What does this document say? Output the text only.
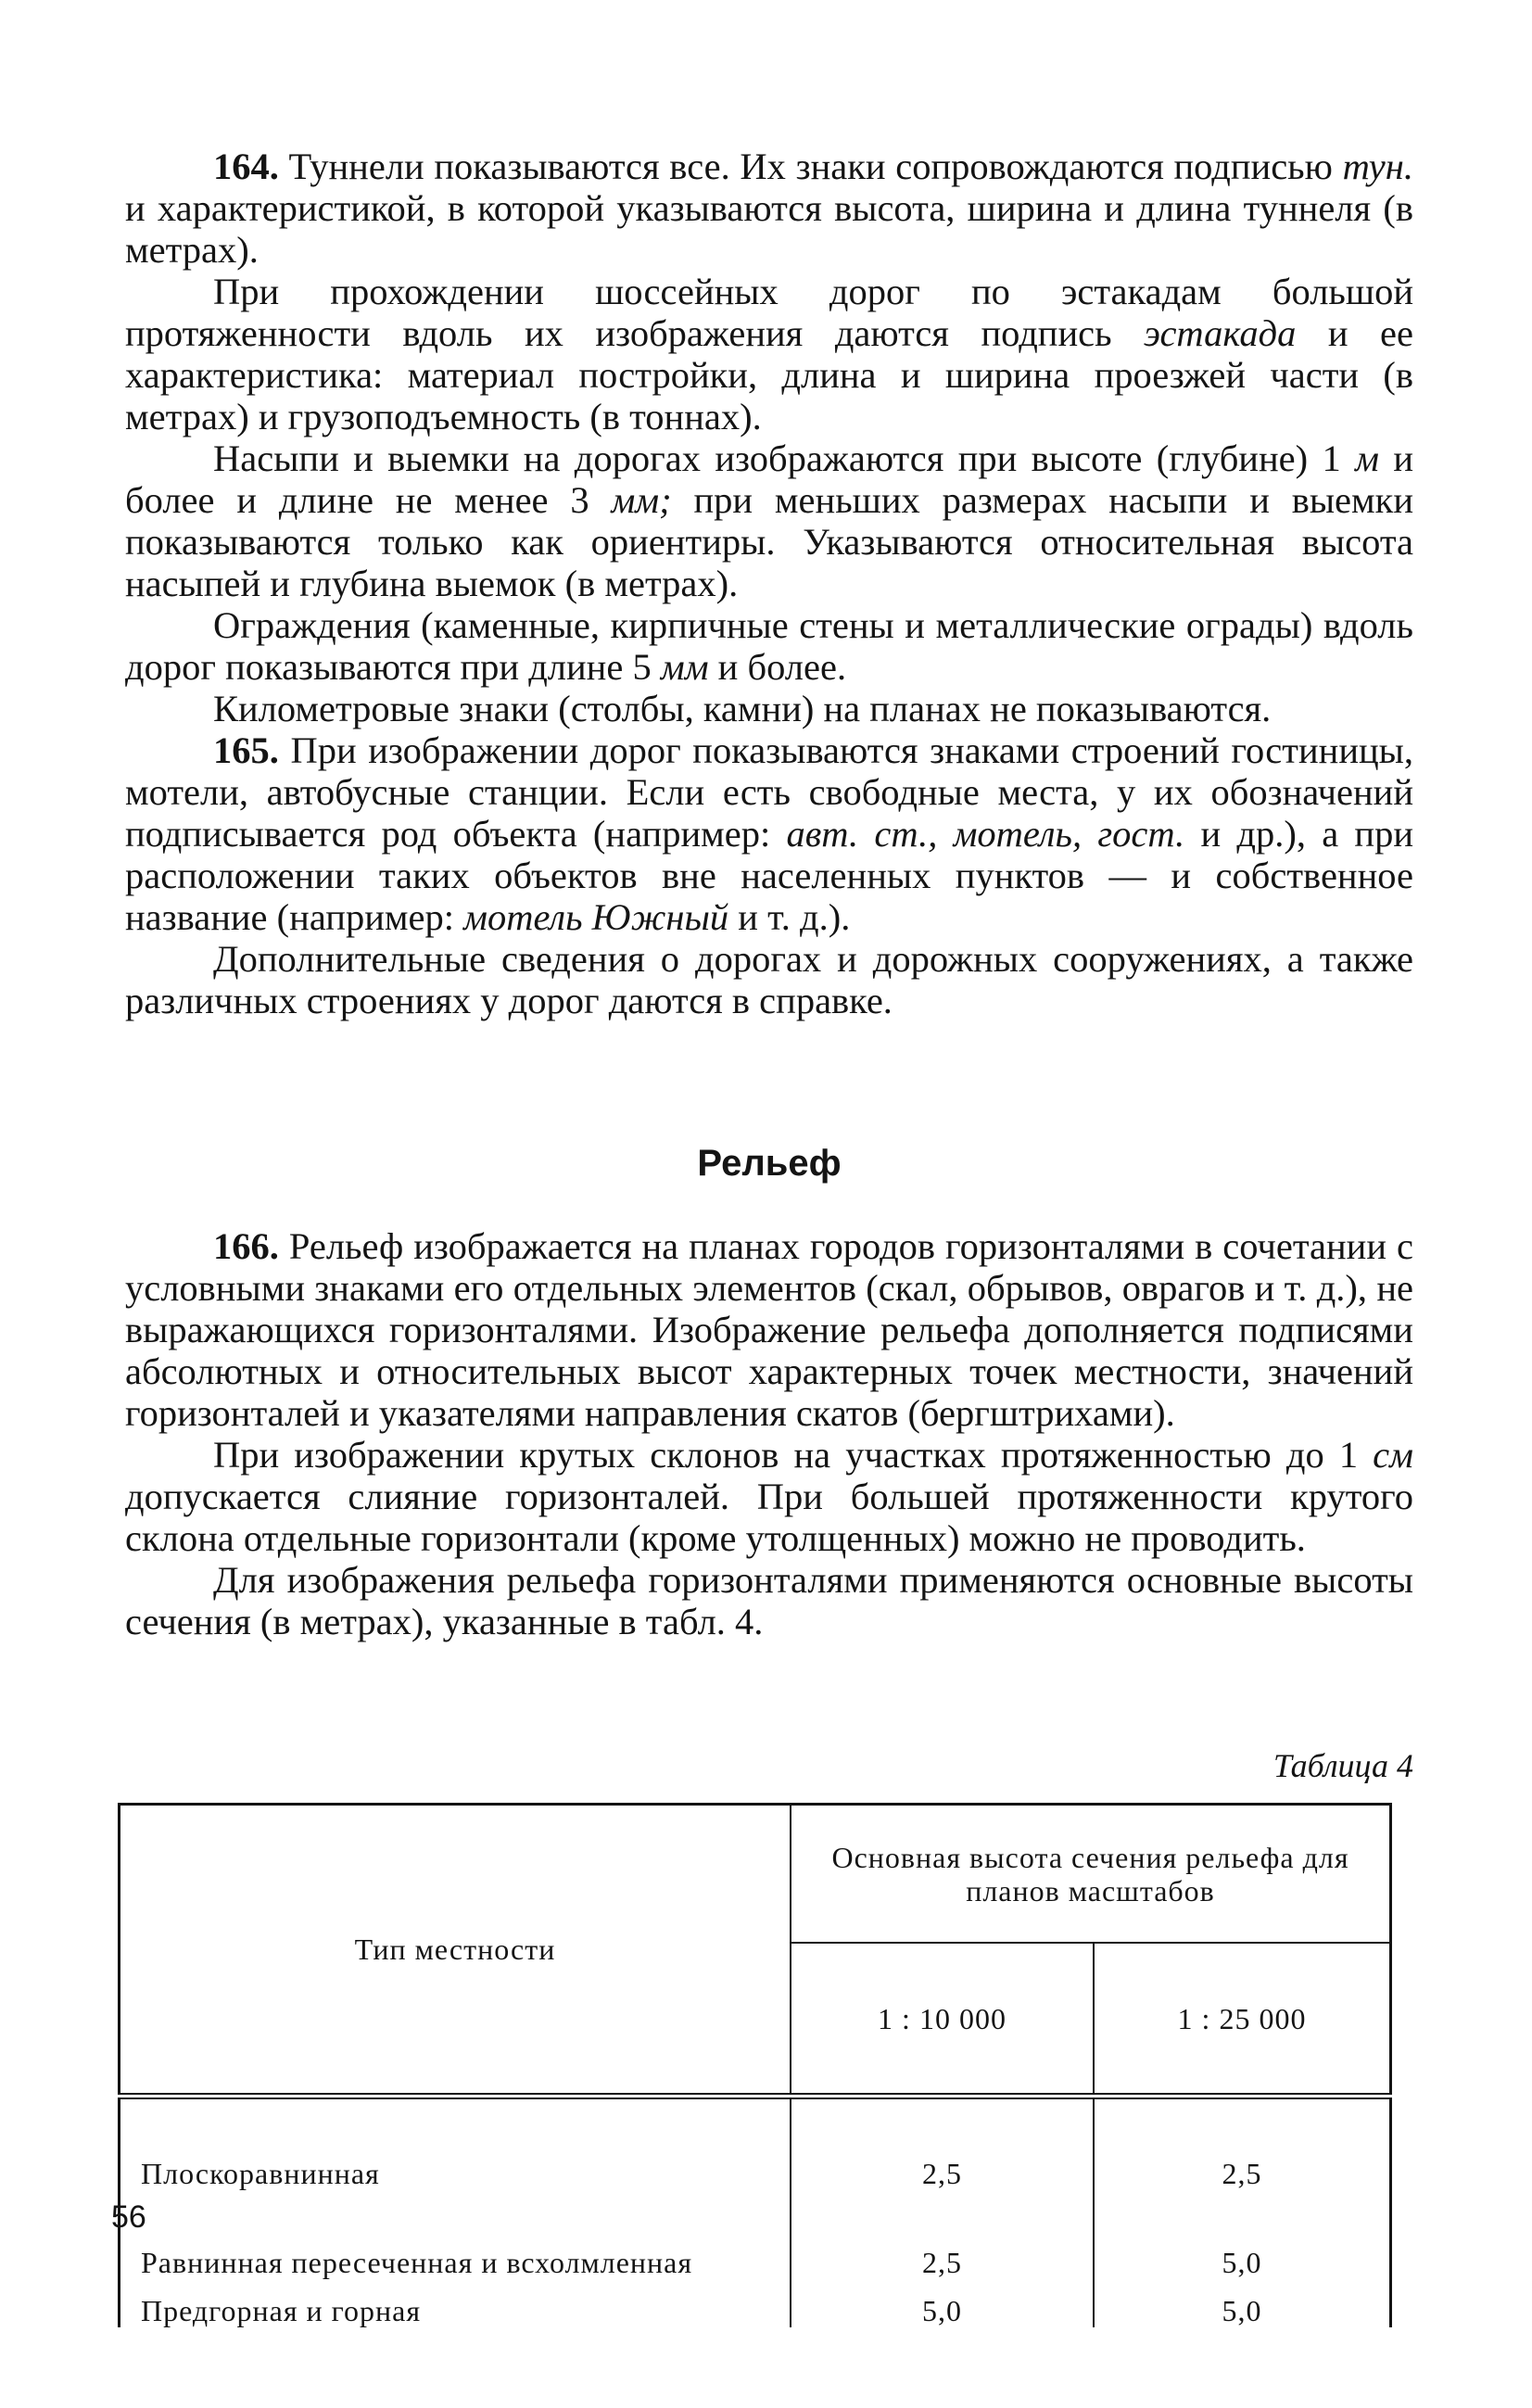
164. Туннели показываются все. Их знаки сопровождаются подписью тун. и характеристикой, в которой указываются высота, ширина и длина туннеля (в метрах).

При прохождении шоссейных дорог по эстакадам большой протяженности вдоль их изображения даются подпись эстакада и ее характеристика: материал постройки, длина и ширина проезжей части (в метрах) и грузоподъемность (в тоннах).

Насыпи и выемки на дорогах изображаются при высоте (глубине) 1 м и более и длине не менее 3 мм; при меньших размерах насыпи и выемки показываются только как ориентиры. Указываются относительная высота насыпей и глубина выемок (в метрах).

Ограждения (каменные, кирпичные стены и металлические ограды) вдоль дорог показываются при длине 5 мм и более.

Километровые знаки (столбы, камни) на планах не показываются.

165. При изображении дорог показываются знаками строений гостиницы, мотели, автобусные станции. Если есть свободные места, у их обозначений подписывается род объекта (например: авт. ст., мотель, гост. и др.), а при расположении таких объектов вне населенных пунктов — и собственное название (например: мотель Южный и т. д.).

Дополнительные сведения о дорогах и дорожных сооружениях, а также различных строениях у дорог даются в справке.

Рельеф

166. Рельеф изображается на планах городов горизонталями в сочетании с условными знаками его отдельных элементов (скал, обрывов, оврагов и т. д.), не выражающихся горизонталями. Изображение рельефа дополняется подписями абсолютных и относительных высот характерных точек местности, значений горизонталей и указателями направления скатов (бергштрихами).

При изображении крутых склонов на участках протяженностью до 1 см допускается слияние горизонталей. При большей протяженности крутого склона отдельные горизонтали (кроме утолщенных) можно не проводить.

Для изображения рельефа горизонталями применяются основные высоты сечения (в метрах), указанные в табл. 4.

Таблица 4
Тип местности	Основная высота сечения рельефа для планов масштабов	

	1 : 10 000	1 : 25 000
Плоскоравнинная	2,5	2,5
Равнинная пересеченная и всхолмленная	2,5	5,0
Предгорная и горная	5,0	5,0
56
